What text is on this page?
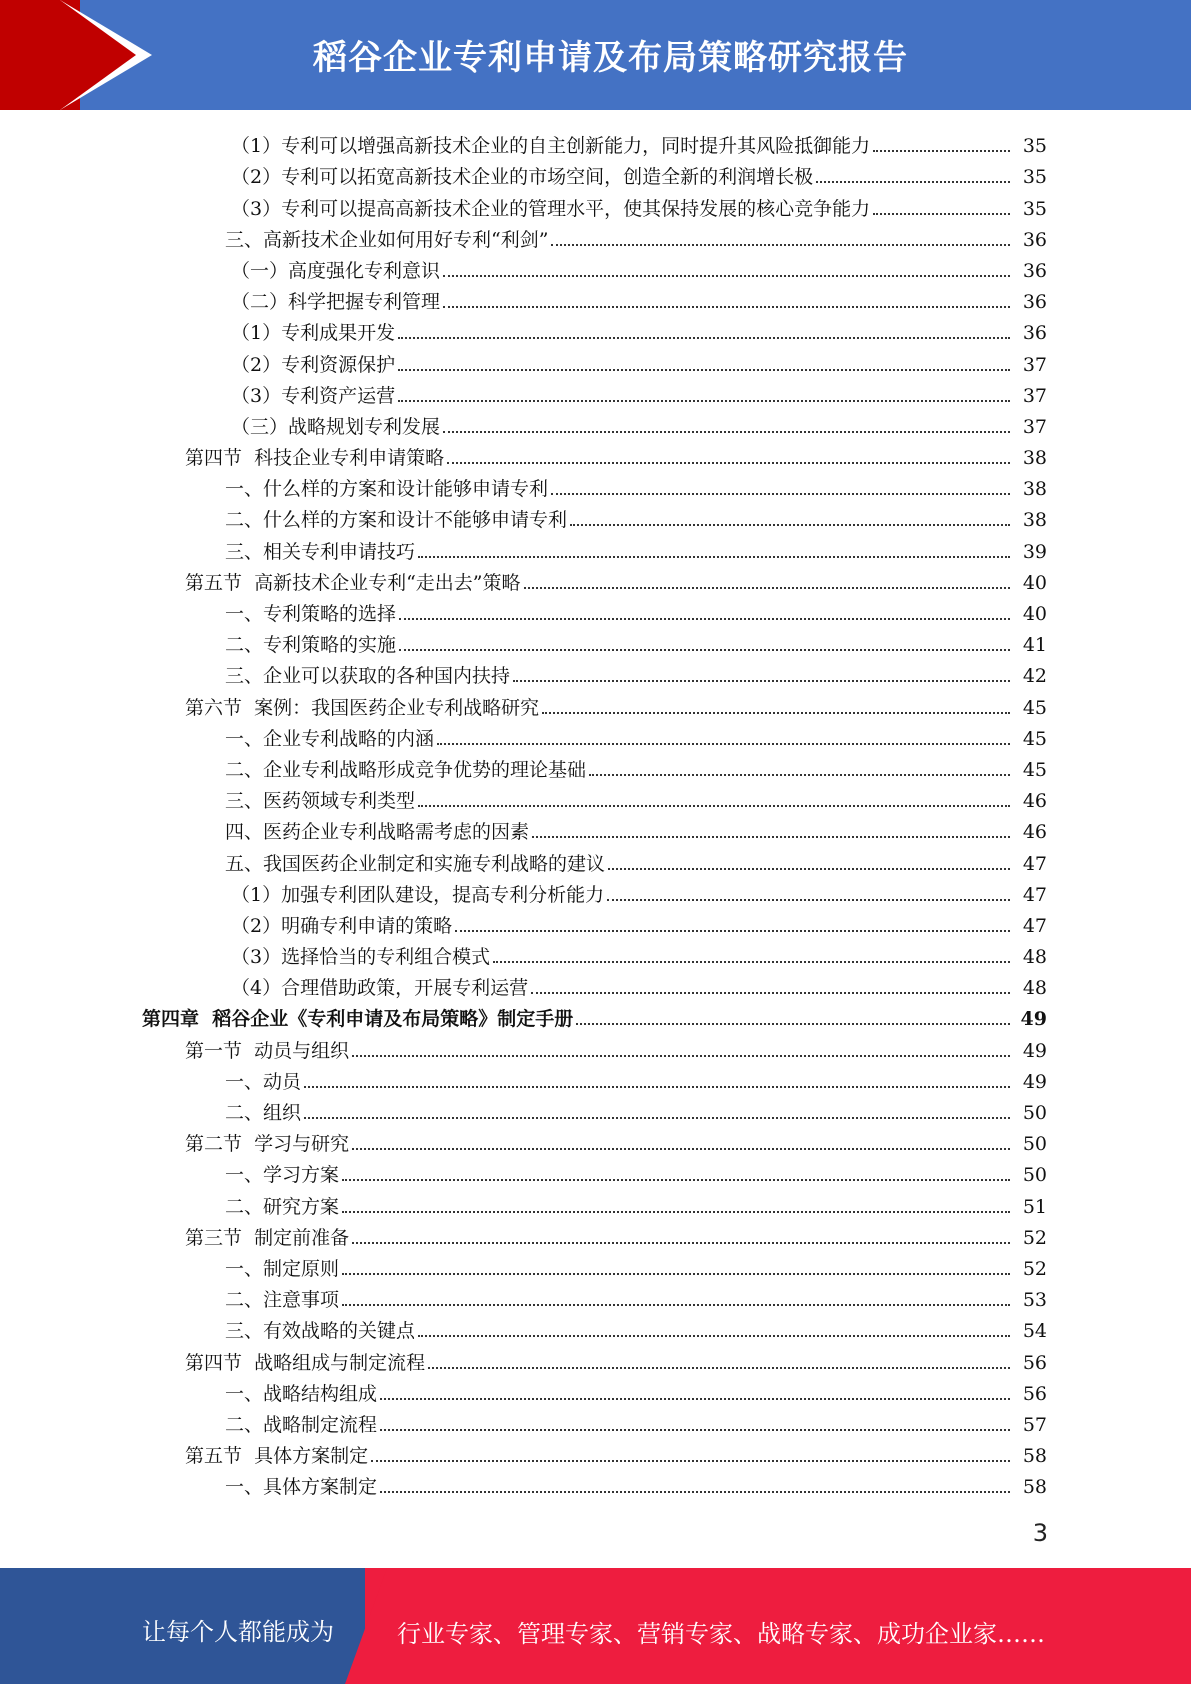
稻谷企业专利申请及布局策略研究报告
（1）专利可以增强高新技术企业的自主创新能力，同时提升其风险抵御能力	35
（2）专利可以拓宽高新技术企业的市场空间，创造全新的利润增长极	35
（3）专利可以提高高新技术企业的管理水平，使其保持发展的核心竞争能力	35
三、高新技术企业如何用好专利“利剑”	36
（一）高度强化专利意识	36
（二）科学把握专利管理	36
（1）专利成果开发	36
（2）专利资源保护	37
（3）专利资产运营	37
（三）战略规划专利发展	37
第四节  科技企业专利申请策略	38
一、什么样的方案和设计能够申请专利	38
二、什么样的方案和设计不能够申请专利	38
三、相关专利申请技巧	39
第五节  高新技术企业专利“走出去”策略	40
一、专利策略的选择	40
二、专利策略的实施	41
三、企业可以获取的各种国内扶持	42
第六节  案例：我国医药企业专利战略研究	45
一、企业专利战略的内涵	45
二、企业专利战略形成竞争优势的理论基础	45
三、医药领域专利类型	46
四、医药企业专利战略需考虑的因素	46
五、我国医药企业制定和实施专利战略的建议	47
（1）加强专利团队建设，提高专利分析能力	47
（2）明确专利申请的策略	47
（3）选择恰当的专利组合模式	48
（4）合理借助政策，开展专利运营	48
第四章  稻谷企业《专利申请及布局策略》制定手册	49
第一节  动员与组织	49
一、动员	49
二、组织	50
第二节  学习与研究	50
一、学习方案	50
二、研究方案	51
第三节  制定前准备	52
一、制定原则	52
二、注意事项	53
三、有效战略的关键点	54
第四节  战略组成与制定流程	56
一、战略结构组成	56
二、战略制定流程	57
第五节  具体方案制定	58
一、具体方案制定	58
3
让每个人都能成为	行业专家、管理专家、营销专家、战略专家、成功企业家……
